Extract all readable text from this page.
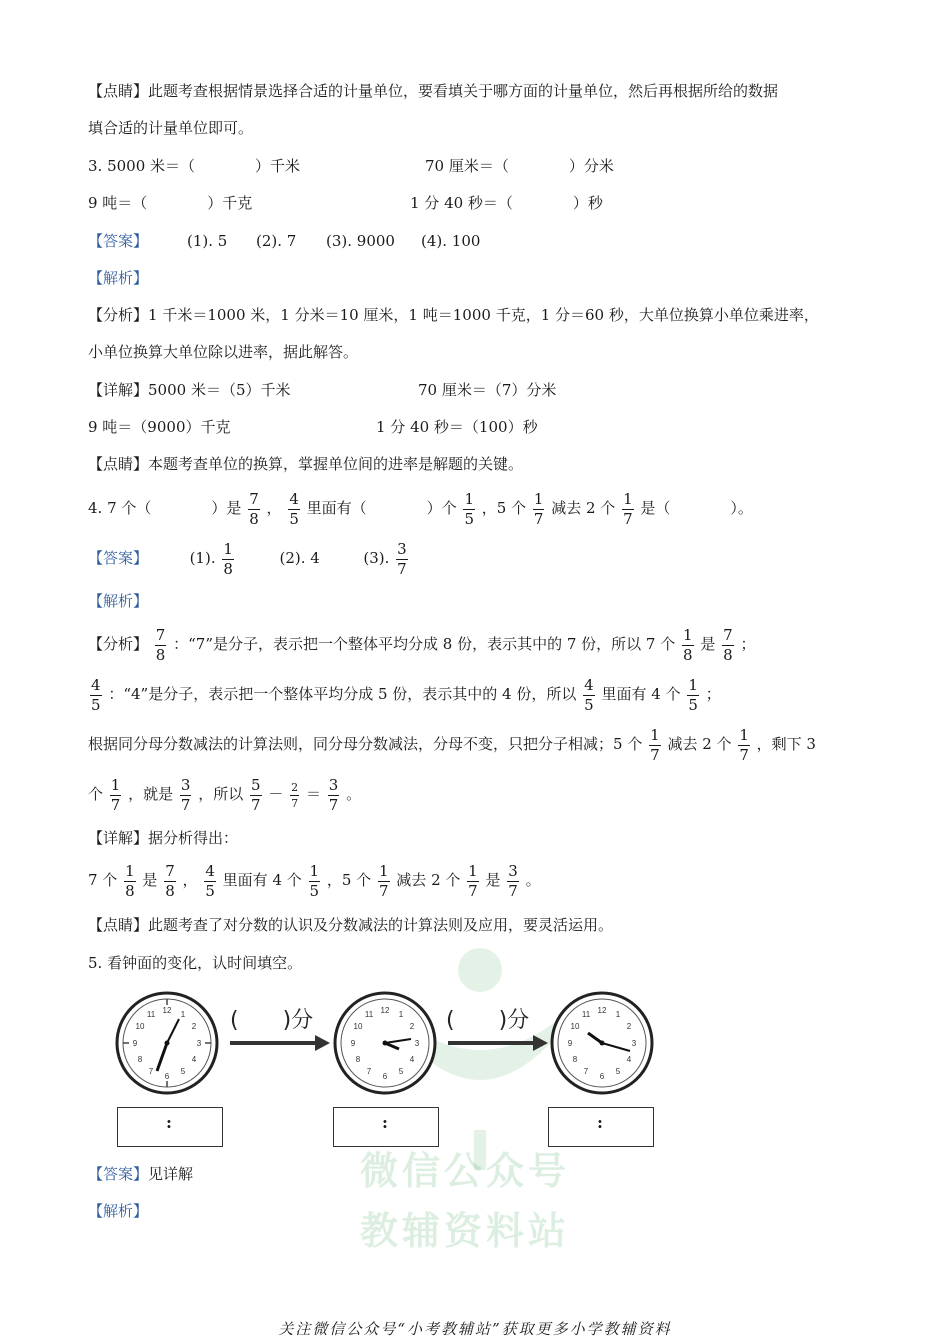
微信公众号
教辅资料站
【点睛】此题考查根据情景选择合适的计量单位，要看填关于哪方面的计量单位，然后再根据所给的数据
填合适的计量单位即可。
3. 5000 米＝（　　　　）千米	70 厘米＝（　　　　）分米
9 吨＝（　　　　）千克	1 分 40 秒＝（　　　　）秒
【答案】	(1). 5 (2). 7 (3). 9000 (4). 100
【解析】
【分析】1 千米＝1000 米，1 分米＝10 厘米，1 吨＝1000 千克，1 分＝60 秒，大单位换算小单位乘进率，
小单位换算大单位除以进率，据此解答。
【详解】5000 米＝（5）千米	70 厘米＝（7）分米
9 吨＝（9000）千克	1 分 40 秒＝（100）秒
【点睛】本题考查单位的换算，掌握单位间的进率是解题的关键。
4. 7 个（　　　　）是 $\frac{7}{8}$ ， $\frac{4}{5}$ 里面有（　　　　）个 $\frac{1}{5}$ ，5 个 $\frac{1}{7}$ 减去 2 个 $\frac{1}{7}$ 是（　　　　）。
【答案】	(1). $\frac{1}{8}$	(2). 4	(3). $\frac{3}{7}$
【解析】
【分析】 $\frac{7}{8}$ ：“7”是分子，表示把一个整体平均分成 8 份，表示其中的 7 份，所以 7 个 $\frac{1}{8}$ 是 $\frac{7}{8}$ ；
$\frac{4}{5}$ ：“4”是分子，表示把一个整体平均分成 5 份，表示其中的 4 份，所以 $\frac{4}{5}$ 里面有 4 个 $\frac{1}{5}$ ；
根据同分母分数减法的计算法则，同分母分数减法，分母不变，只把分子相减；5 个 $\frac{1}{7}$ 减去 2 个 $\frac{1}{7}$ ，剩下 3
个 $\frac{1}{7}$ ，就是 $\frac{3}{7}$ ，所以 $\frac{5}{7} - \frac{2}{7} = \frac{3}{7}$ 。
【详解】据分析得出：
7 个 $\frac{1}{8}$ 是 $\frac{7}{8}$ ， $\frac{4}{5}$ 里面有 4 个 $\frac{1}{5}$ ，5 个 $\frac{1}{7}$ 减去 2 个 $\frac{1}{7}$ 是 $\frac{3}{7}$ 。
【点睛】此题考查了对分数的认识及分数减法的计算法则及应用，要灵活运用。
5. 看钟面的变化，认时间填空。
12 1
2
3
4
5
6
7
8
9
10
11	(　　)分	12 1
2
3
4
5
6
7
8
9
10
11	(　　)分	12 1
2
3
4
5
6
7
8
9
10
11
:	:	:
【答案】见详解
【解析】
关注微信公众号“小考教辅站”获取更多小学教辅资料
